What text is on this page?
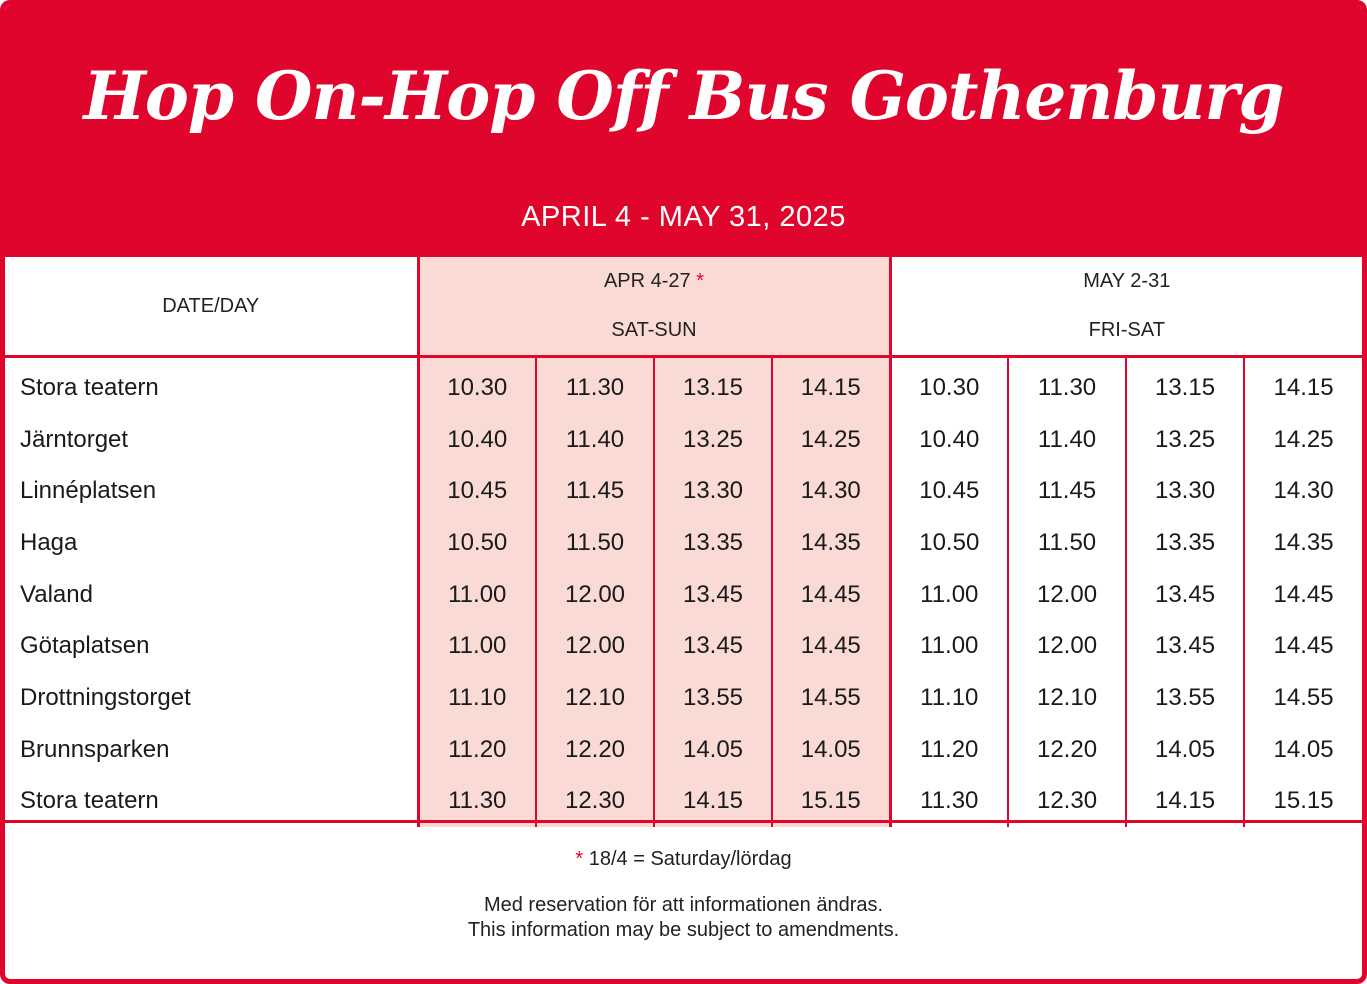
Hop On-Hop Off Bus Gothenburg
APRIL 4 - MAY 31, 2025
DATE/DAY	APR 4-27 *				MAY 2-31			
	SAT-SUN				FRI-SAT			
Stora teatern	10.30	11.30	13.15	14.15	10.30	11.30	13.15	14.15
Järntorget	10.40	11.40	13.25	14.25	10.40	11.40	13.25	14.25
Linnéplatsen	10.45	11.45	13.30	14.30	10.45	11.45	13.30	14.30
Haga	10.50	11.50	13.35	14.35	10.50	11.50	13.35	14.35
Valand	11.00	12.00	13.45	14.45	11.00	12.00	13.45	14.45
Götaplatsen	11.00	12.00	13.45	14.45	11.00	12.00	13.45	14.45
Drottningstorget	11.10	12.10	13.55	14.55	11.10	12.10	13.55	14.55
Brunnsparken	11.20	12.20	14.05	14.05	11.20	12.20	14.05	14.05
Stora teatern	11.30	12.30	14.15	15.15	11.30	12.30	14.15	15.15
* 18/4 = Saturday/lördag
Med reservation för att informationen ändras.
This information may be subject to amendments.
